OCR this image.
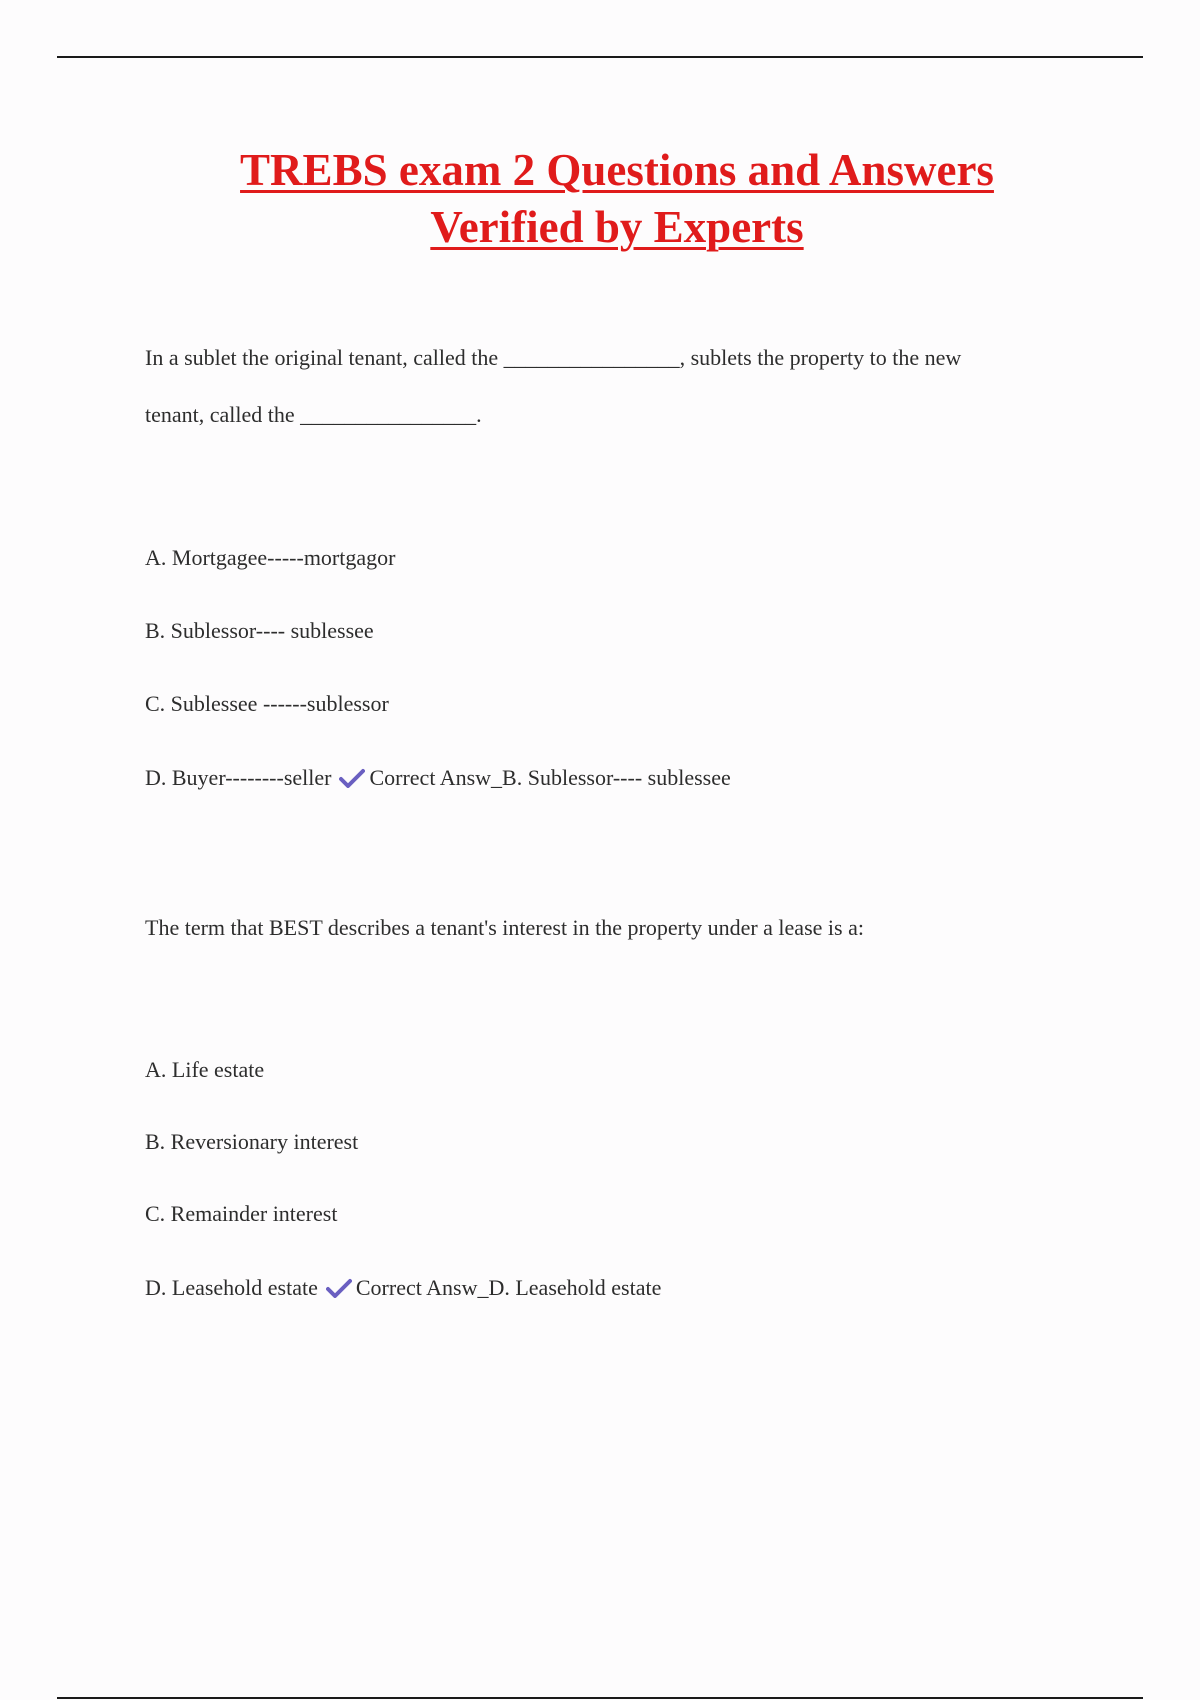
TREBS exam 2 Questions and Answers
Verified by Experts
In a sublet the original tenant, called the ________________, sublets the property to the new
tenant, called the ________________.
A. Mortgagee-----mortgagor
B. Sublessor---- sublessee
C. Sublessee ------sublessor
D. Buyer--------seller Correct Answ_B. Sublessor---- sublessee
The term that BEST describes a tenant's interest in the property under a lease is a:
A. Life estate
B. Reversionary interest
C. Remainder interest
D. Leasehold estate Correct Answ_D. Leasehold estate
